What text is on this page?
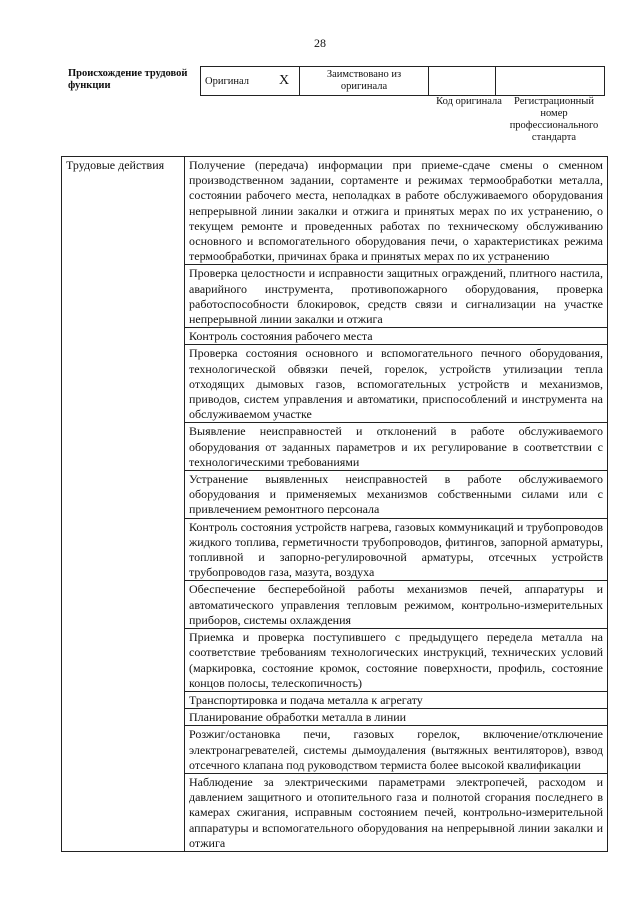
28
Происхождение трудовой функции	Оригинал	X	Заимствовано из оригинала		
Код оригинала	Регистрационный номер профессионального стандарта
Трудовые действия	Получение (передача) информации при приеме-сдаче смены о сменном производственном задании, сортаменте и режимах термообработки металла, состоянии рабочего места, неполадках в работе обслуживаемого оборудования непрерывной линии закалки и отжига и принятых мерах по их устранению, о текущем ремонте и проведенных работах по техническому обслуживанию основного и вспомогательного оборудования печи, о характеристиках режима термообработки, причинах брака и принятых мерах по их устранению
Проверка целостности и исправности защитных ограждений, плитного настила, аварийного инструмента, противопожарного оборудования, проверка работоспособности блокировок, средств связи и сигнализации на участке непрерывной линии закалки и отжига
Контроль состояния рабочего места
Проверка состояния основного и вспомогательного печного оборудования, технологической обвязки печей, горелок, устройств утилизации тепла отходящих дымовых газов, вспомогательных устройств и механизмов, приводов, систем управления и автоматики, приспособлений и инструмента на обслуживаемом участке
Выявление неисправностей и отклонений в работе обслуживаемого оборудования от заданных параметров и их регулирование в соответствии с технологическими требованиями
Устранение выявленных неисправностей в работе обслуживаемого оборудования и применяемых механизмов собственными силами или с привлечением ремонтного персонала
Контроль состояния устройств нагрева, газовых коммуникаций и трубопроводов жидкого топлива, герметичности трубопроводов, фитингов, запорной арматуры, топливной и запорно-регулировочной арматуры, отсечных устройств трубопроводов газа, мазута, воздуха
Обеспечение бесперебойной работы механизмов печей, аппаратуры и автоматического управления тепловым режимом, контрольно-измерительных приборов, системы охлаждения
Приемка и проверка поступившего с предыдущего передела металла на соответствие требованиям технологических инструкций, технических условий (маркировка, состояние кромок, состояние поверхности, профиль, состояние концов полосы, телескопичность)
Транспортировка и подача металла к агрегату
Планирование обработки металла в линии
Розжиг/остановка печи, газовых горелок, включение/отключение электронагревателей, системы дымоудаления (вытяжных вентиляторов), взвод отсечного клапана под руководством термиста более высокой квалификации
Наблюдение за электрическими параметрами электропечей, расходом и давлением защитного и отопительного газа и полнотой сгорания последнего в камерах сжигания, исправным состоянием печей, контрольно-измерительной аппаратуры и вспомогательного оборудования на непрерывной линии закалки и отжига
